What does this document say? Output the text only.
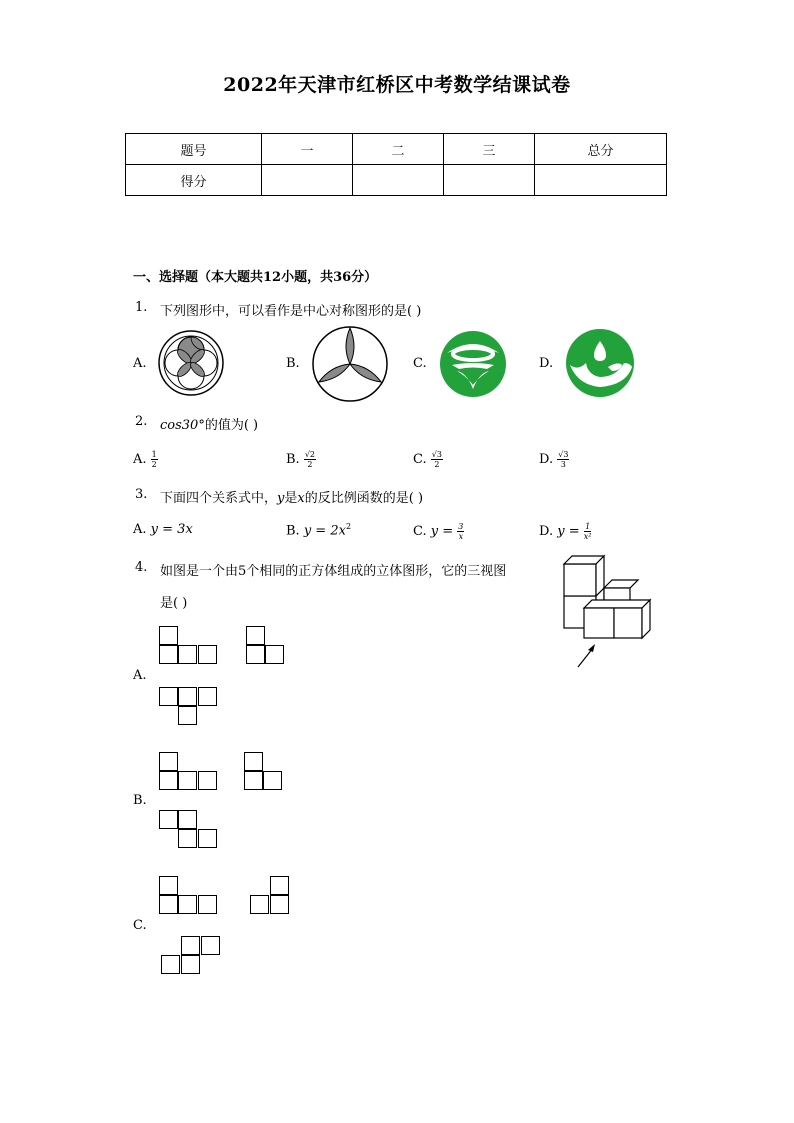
2022年天津市红桥区中考数学结课试卷
题号	一	二	三	总分
得分				
一、选择题（本大题共12小题，共36分）
1. 下列图形中，可以看作是中心对称图形的是( )
A.	B.	C.	D.
2. cos30°的值为( )
A. $\frac{1}{2}$	B. $\frac{√2}{2}$	C. $\frac{√3}{2}$	D. $\frac{√3}{3}$
3. 下面四个关系式中，y是x的反比例函数的是( )
A. y = 3x	B. $y = 2x^2$	C. $y = \frac{3}{x}$	D. $y = \frac{1}{\text{x²}}$
4. 如图是一个由5个相同的正方体组成的立体图形，它的三视图
是( )
A.
B.
C.
